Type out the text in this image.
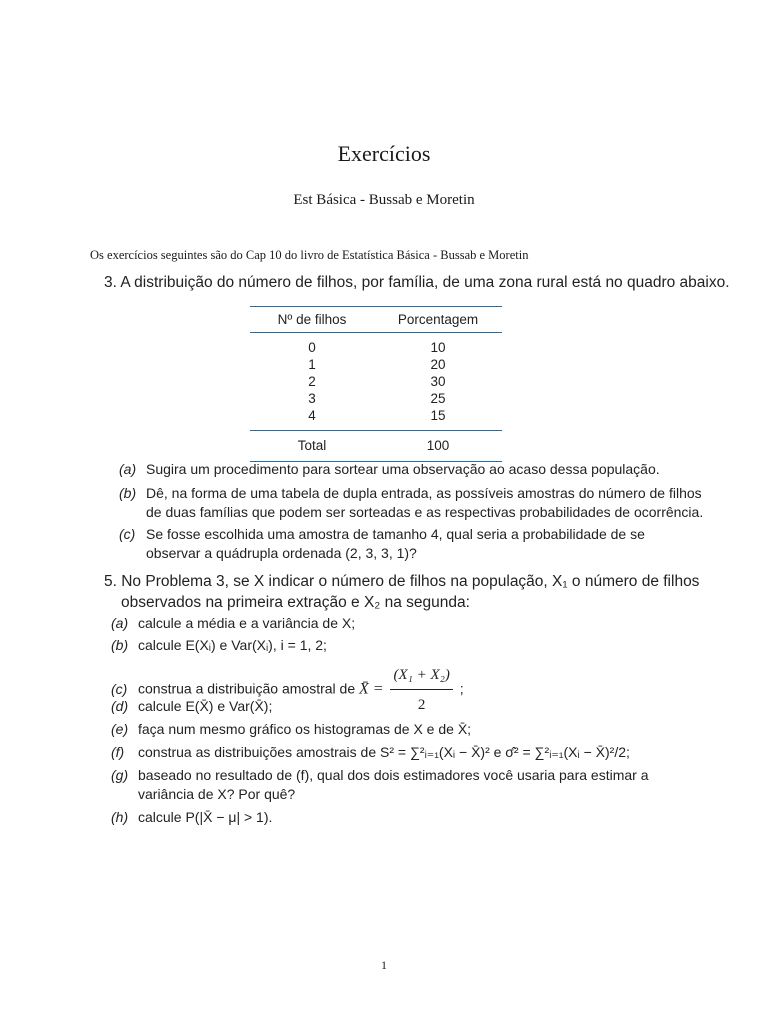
Exercícios
Est Básica - Bussab e Moretin
Os exercícios seguintes são do Cap 10 do livro de Estatística Básica - Bussab e Moretin
3. A distribuição do número de filhos, por família, de uma zona rural está no quadro abaixo.
Nº de filhos	Porcentagem
0	10
1	20
2	30
3	25
4	15
Total	100
(a) Sugira um procedimento para sortear uma observação ao acaso dessa população.
(b) Dê, na forma de uma tabela de dupla entrada, as possíveis amostras do número de filhos
de duas famílias que podem ser sorteadas e as respectivas probabilidades de ocorrência.
(c) Se fosse escolhida uma amostra de tamanho 4, qual seria a probabilidade de se
observar a quádrupla ordenada (2, 3, 3, 1)?
5. No Problema 3, se X indicar o número de filhos na população, X₁ o número de filhos
observados na primeira extração e X₂ na segunda:
(a) calcule a média e a variância de X;
(b) calcule E(Xᵢ) e Var(Xᵢ), i = 1, 2;
(c) construa a distribuição amostral de X̄ = $\frac{\text{(X₁ + X₂)}}{2}$ ;
(d) calcule E(X̄) e Var(X̄);
(e) faça num mesmo gráfico os histogramas de X e de X̄;
(f) construa as distribuições amostrais de S² = ∑²ᵢ₌₁(Xᵢ − X̄)² e σ̂² = ∑²ᵢ₌₁(Xᵢ − X̄)²/2;
(g) baseado no resultado de (f), qual dos dois estimadores você usaria para estimar a
variância de X? Por quê?
(h) calcule P(|X̄ − μ| > 1).
1
